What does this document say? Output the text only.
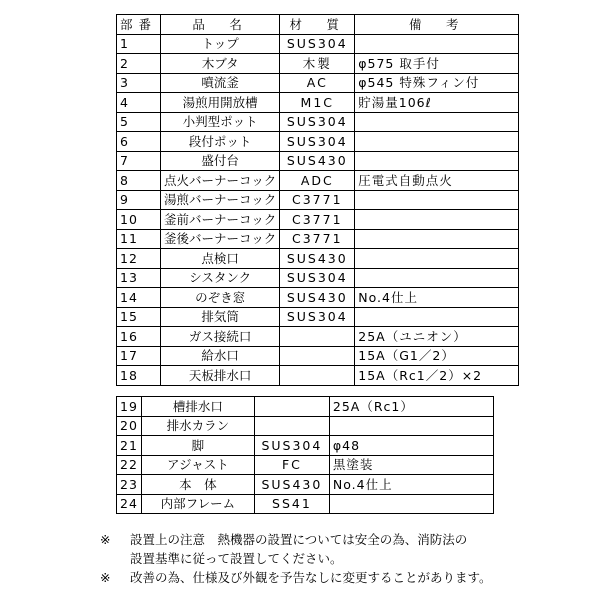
部番	品　名	材　質	備　考
1	トップ	SUS304	
2	木ブタ	木製	φ575 取手付
3	噴流釜	AC	φ545 特殊フィン付
4	湯煎用開放槽	M1C	貯湯量106ℓ
5	小判型ポット	SUS304	
6	段付ポット	SUS304	
7	盛付台	SUS430	
8	点火バーナーコック	ADC	圧電式自動点火
9	湯煎バーナーコック	C3771	
10	釜前バーナーコック	C3771	
11	釜後バーナーコック	C3771	
12	点検口	SUS430	
13	シスタンク	SUS304	
14	のぞき窓	SUS430	No.4仕上
15	排気筒	SUS304	
16	ガス接続口		25A（ユニオン）
17	給水口		15A（G1／2）
18	天板排水口		15A（Rc1／2）×2
19	槽排水口		25A（Rc1）
20	排水カラン		
21	脚	SUS304	φ48
22	アジャスト	FC	黒塗装
23	本　体	SUS430	No.4仕上
24	内部フレーム	SS41	
※	設置上の注意　熱機器の設置については安全の為、消防法の
設置基準に従って設置してください。
※	改善の為、仕様及び外観を予告なしに変更することがあります。
